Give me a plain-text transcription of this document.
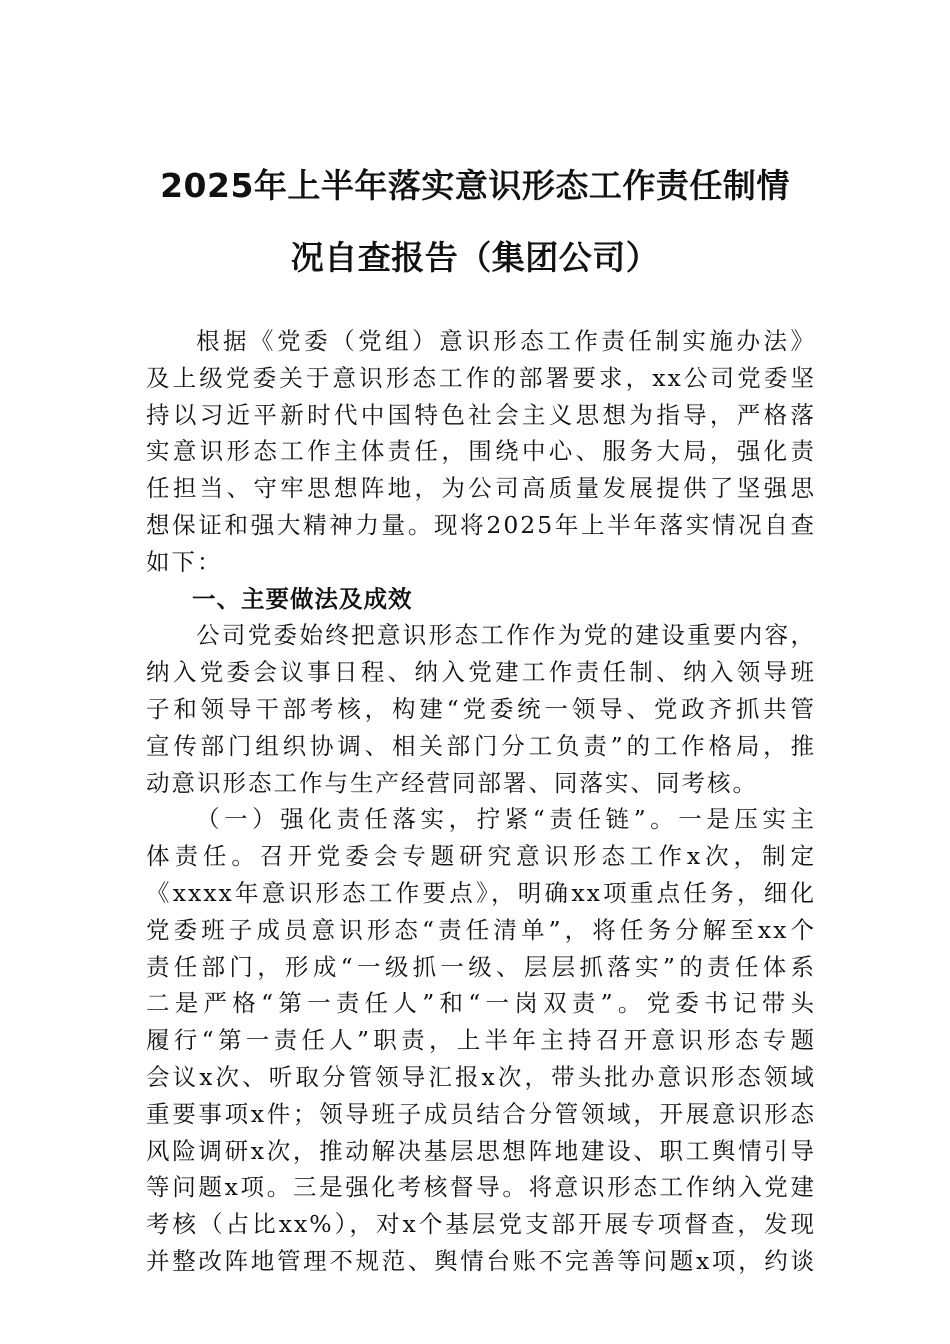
2025年上半年落实意识形态工作责任制情
况自查报告（集团公司）
根据《党委（党组）意识形态工作责任制实施办法》
及上级党委关于意识形态工作的部署要求，xx公司党委坚
持以习近平新时代中国特色社会主义思想为指导，严格落
实意识形态工作主体责任，围绕中心、服务大局，强化责
任担当、守牢思想阵地，为公司高质量发展提供了坚强思
想保证和强大精神力量。现将2025年上半年落实情况自查
如下：
一、主要做法及成效
公司党委始终把意识形态工作作为党的建设重要内容，
纳入党委会议事日程、纳入党建工作责任制、纳入领导班
子和领导干部考核，构建“党委统一领导、党政齐抓共管
宣传部门组织协调、相关部门分工负责”的工作格局，推
动意识形态工作与生产经营同部署、同落实、同考核。
（一）强化责任落实，拧紧“责任链”。一是压实主
体责任。召开党委会专题研究意识形态工作x次，制定
《xxxx年意识形态工作要点》，明确xx项重点任务，细化
党委班子成员意识形态“责任清单”，将任务分解至xx个
责任部门，形成“一级抓一级、层层抓落实”的责任体系
二是严格“第一责任人”和“一岗双责”。党委书记带头
履行“第一责任人”职责，上半年主持召开意识形态专题
会议x次、听取分管领导汇报x次，带头批办意识形态领域
重要事项x件；领导班子成员结合分管领域，开展意识形态
风险调研x次，推动解决基层思想阵地建设、职工舆情引导
等问题x项。三是强化考核督导。将意识形态工作纳入党建
考核（占比xx%），对x个基层党支部开展专项督查，发现
并整改阵地管理不规范、舆情台账不完善等问题x项，约谈
